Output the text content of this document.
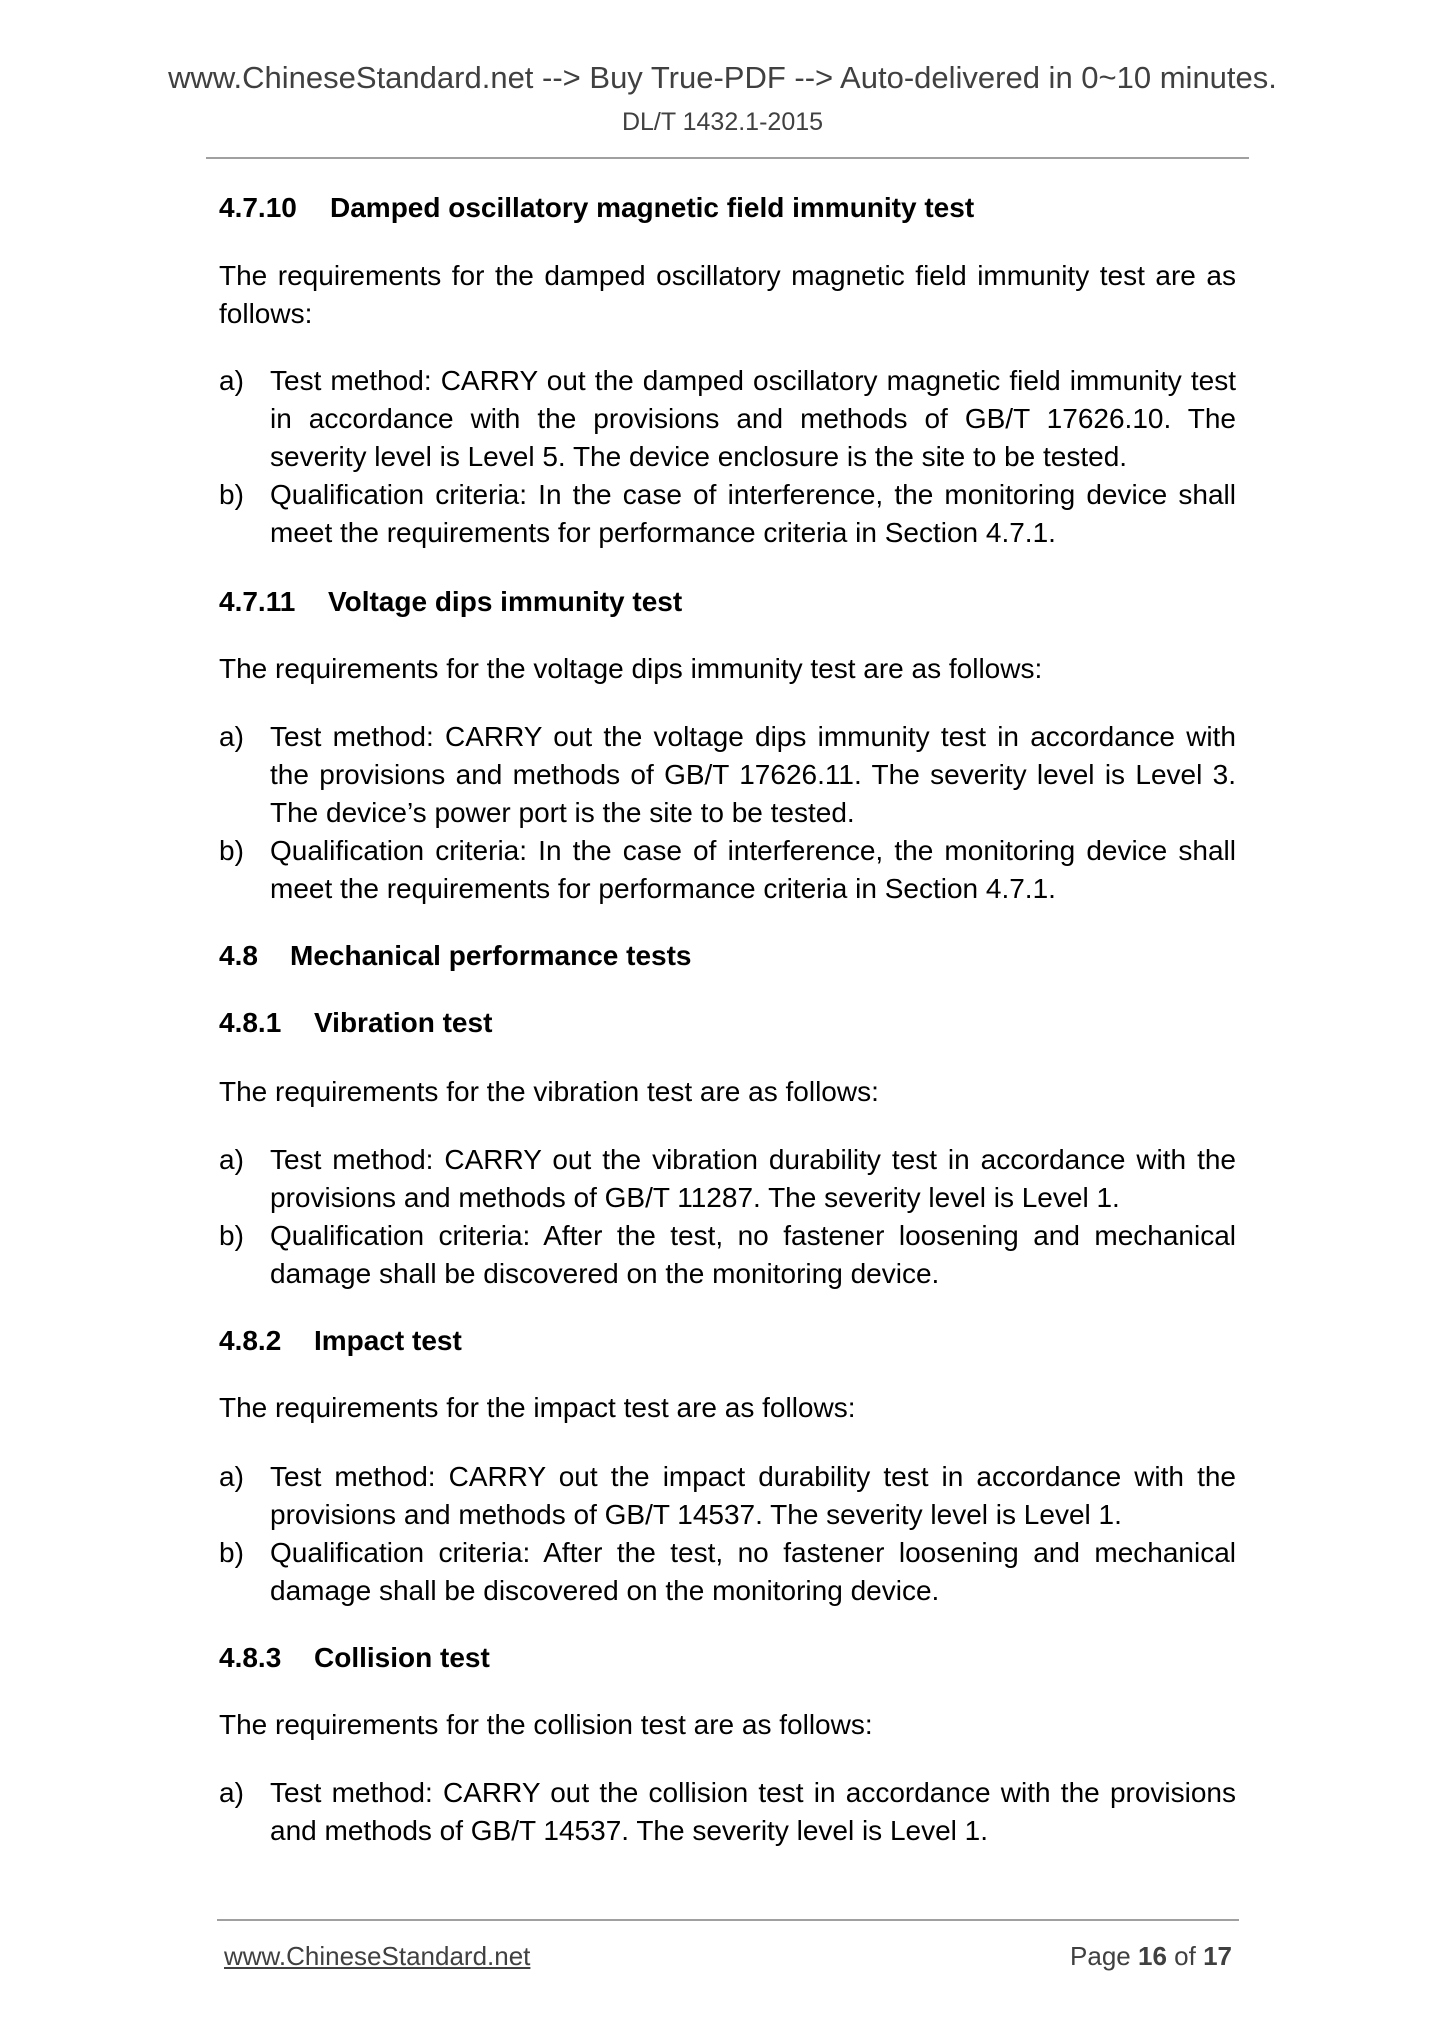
www.ChineseStandard.net --> Buy True-PDF --> Auto-delivered in 0~10 minutes.
DL/T 1432.1-2015
4.7.10 Damped oscillatory magnetic field immunity test
The requirements for the damped oscillatory magnetic field immunity test are as follows:
a) Test method: CARRY out the damped oscillatory magnetic field immunity test in accordance with the provisions and methods of GB/T 17626.10. The severity level is Level 5. The device enclosure is the site to be tested.
b) Qualification criteria: In the case of interference, the monitoring device shall meet the requirements for performance criteria in Section 4.7.1.
4.7.11 Voltage dips immunity test
The requirements for the voltage dips immunity test are as follows:
a) Test method: CARRY out the voltage dips immunity test in accordance with the provisions and methods of GB/T 17626.11. The severity level is Level 3. The device’s power port is the site to be tested.
b) Qualification criteria: In the case of interference, the monitoring device shall meet the requirements for performance criteria in Section 4.7.1.
4.8 Mechanical performance tests
4.8.1 Vibration test
The requirements for the vibration test are as follows:
a) Test method: CARRY out the vibration durability test in accordance with the provisions and methods of GB/T 11287. The severity level is Level 1.
b) Qualification criteria: After the test, no fastener loosening and mechanical damage shall be discovered on the monitoring device.
4.8.2 Impact test
The requirements for the impact test are as follows:
a) Test method: CARRY out the impact durability test in accordance with the provisions and methods of GB/T 14537. The severity level is Level 1.
b) Qualification criteria: After the test, no fastener loosening and mechanical damage shall be discovered on the monitoring device.
4.8.3 Collision test
The requirements for the collision test are as follows:
a) Test method: CARRY out the collision test in accordance with the provisions and methods of GB/T 14537. The severity level is Level 1.
www.ChineseStandard.net	Page 16 of 17
